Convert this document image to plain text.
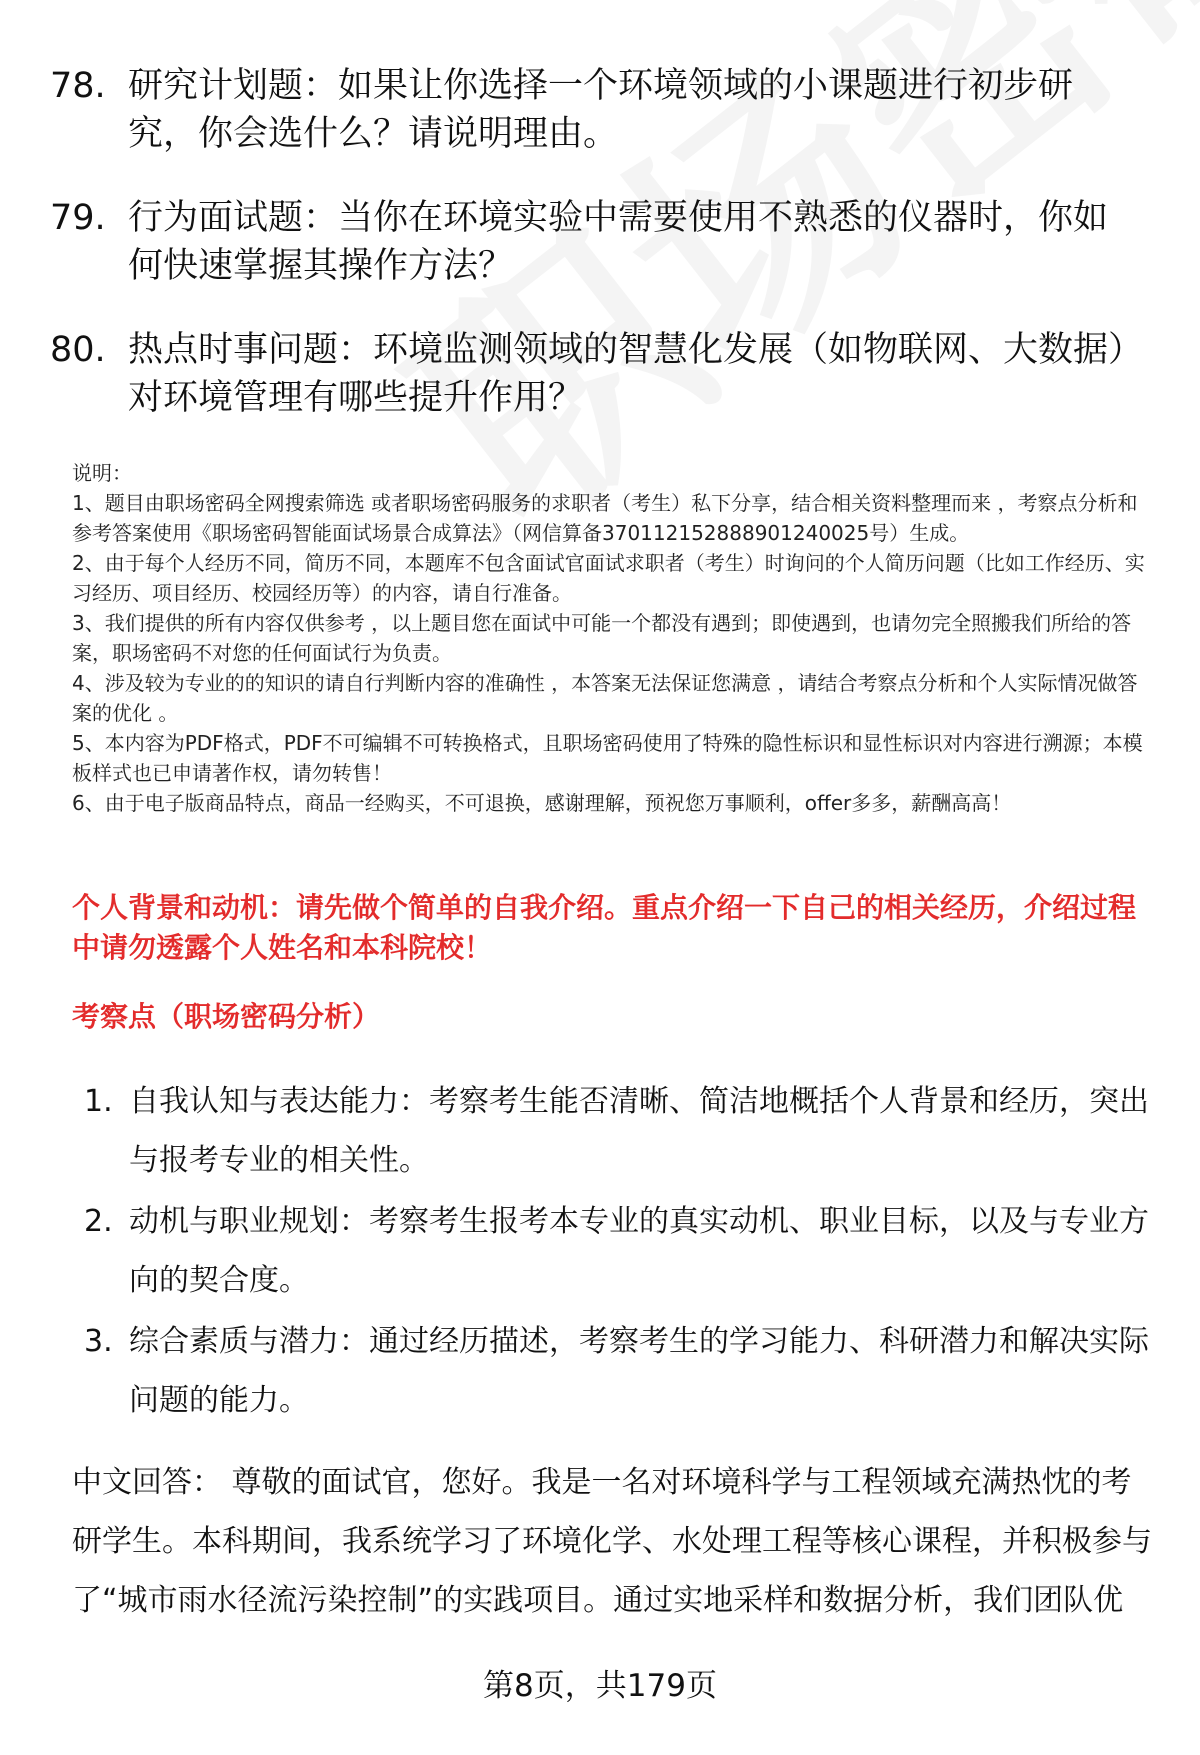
78. 研究计划题：如果让你选择一个环境领域的小课题进行初步研究，你会选什么？请说明理由。
79. 行为面试题：当你在环境实验中需要使用不熟悉的仪器时，你如何快速掌握其操作方法？
80. 热点时事问题：环境监测领域的智慧化发展（如物联网、大数据）对环境管理有哪些提升作用？
说明：
1、题目由职场密码全网搜索筛选 或者职场密码服务的求职者（考生）私下分享，结合相关资料整理而来 ，考察点分析和参考答案使用《职场密码智能面试场景合成算法》（网信算备370112152888901240025号）生成。
2、由于每个人经历不同，简历不同，本题库不包含面试官面试求职者（考生）时询问的个人简历问题（比如工作经历、实习经历、项目经历、校园经历等）的内容，请自行准备。
3、我们提供的所有内容仅供参考 ，以上题目您在面试中可能一个都没有遇到；即使遇到，也请勿完全照搬我们所给的答案，职场密码不对您的任何面试行为负责。
4、涉及较为专业的的知识的请自行判断内容的准确性 ，本答案无法保证您满意 ，请结合考察点分析和个人实际情况做答案的优化 。
5、本内容为PDF格式，PDF不可编辑不可转换格式，且职场密码使用了特殊的隐性标识和显性标识对内容进行溯源；本模板样式也已申请著作权，请勿转售！
6、由于电子版商品特点，商品一经购买，不可退换，感谢理解，预祝您万事顺利，offer多多，薪酬高高！
个人背景和动机：请先做个简单的自我介绍。重点介绍一下自己的相关经历，介绍过程中请勿透露个人姓名和本科院校！
考察点（职场密码分析）
1. 自我认知与表达能力：考察考生能否清晰、简洁地概括个人背景和经历，突出与报考专业的相关性。
2. 动机与职业规划：考察考生报考本专业的真实动机、职业目标，以及与专业方向的契合度。
3. 综合素质与潜力：通过经历描述，考察考生的学习能力、科研潜力和解决实际问题的能力。
中文回答： 尊敬的面试官，您好。我是一名对环境科学与工程领域充满热忱的考研学生。本科期间，我系统学习了环境化学、水处理工程等核心课程，并积极参与了“城市雨水径流污染控制”的实践项目。通过实地采样和数据分析，我们团队优
第8页，共179页
